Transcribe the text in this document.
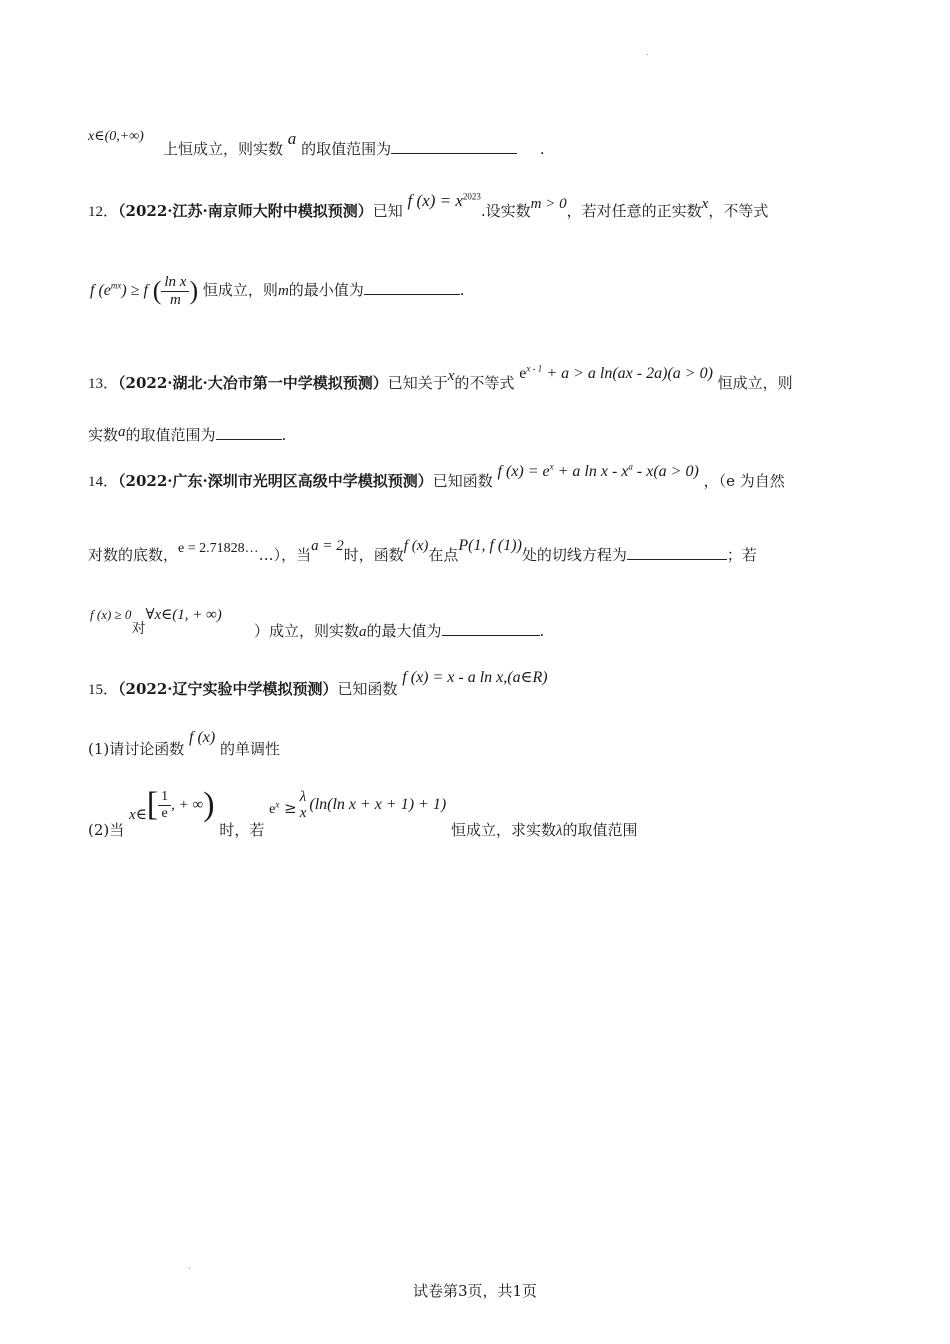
.
.
x∈(0,+∞)
上恒成立，则实数 a 的取值范围为	.
12．（2022·江苏·南京师大附中模拟预测）已知 f $(x) = x^{2023}$.设实数m > 0，若对任意的正实数x，不等式
f $(e^{mx}) \ge f$ ( $\frac{\text{ln x}}{m}$ ) 恒成立，则m的最小值为	.
13．（2022·湖北·大冶市第一中学模拟预测）已知关于x的不等式 $e^{x - 1} + a > a$ ln(ax - 2a)(a > 0) 恒成立，则
实数a的取值范围为	.
14．（2022·广东·深圳市光明区高级中学模拟预测）已知函数 f $(x) = e^x + a$ $\ln x - x^a - x(a > 0)$ ，（e 为自然
对数的底数，e = 2.71828……），当a = 2时，函数f (x)在点P(1, f (1))处的切线方程为	；若
f (x) ≥ 0对∀x∈(1, + ∞)
）成立，则实数a的最大值为	.
15．（2022·辽宁实验中学模拟预测）已知函数 f (x) = x - a ln x,(a∈R)
(1)请讨论函数 f (x) 的单调性
(2)当 x∈[ $\frac{1}{e}$ , + ∞) 时，若 $e^x$ ≥
λ
x (ln(ln x + x + 1) + 1) 恒成立，求实数λ的取值范围
试卷第3页，共1页
